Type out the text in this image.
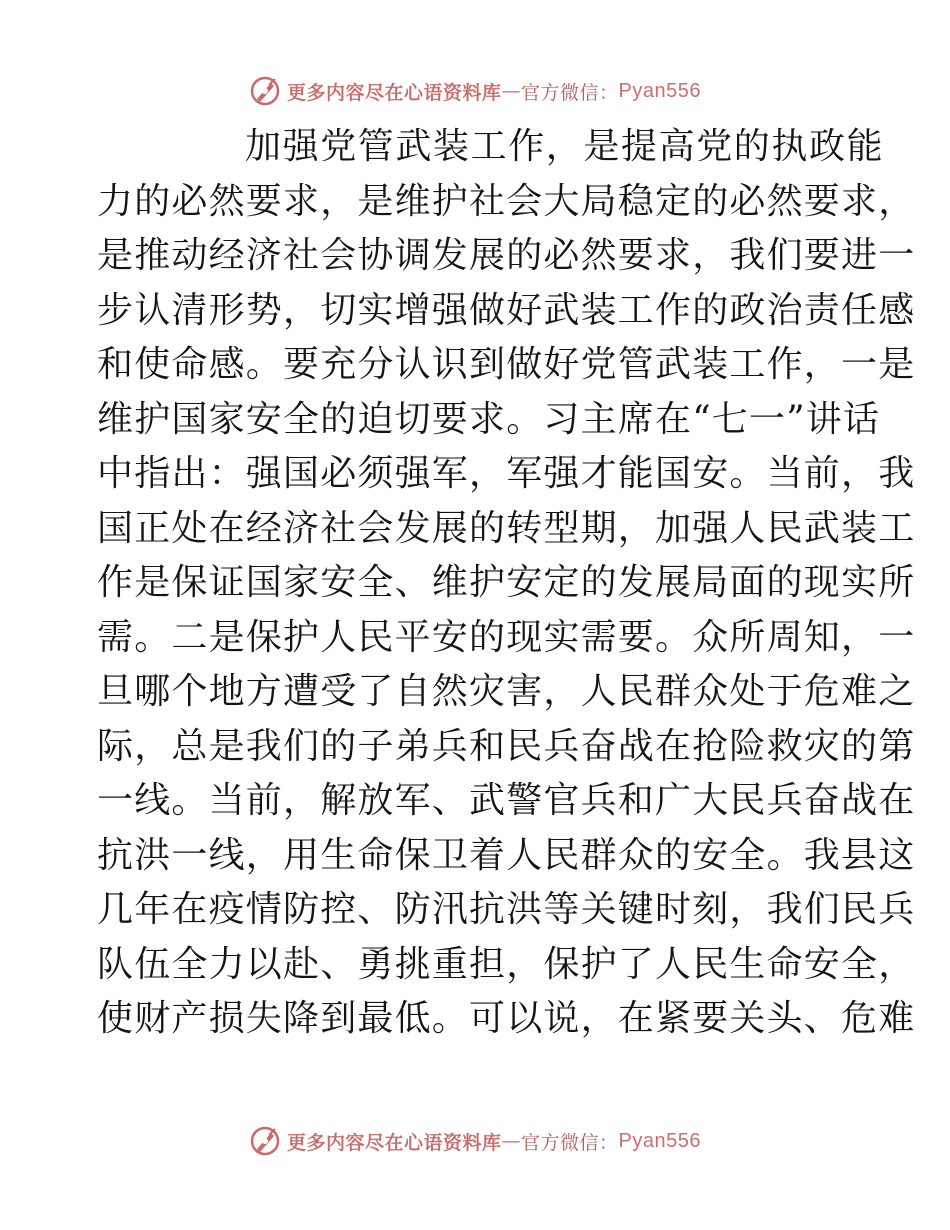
更多内容尽在心语资料库 — 官方微信： Pyan556
加强党管武装工作，是提高党的执政能
力的必然要求，是维护社会大局稳定的必然要求，
是推动经济社会协调发展的必然要求，我们要进一
步认清形势，切实增强做好武装工作的政治责任感
和使命感。要充分认识到做好党管武装工作，一是
维护国家安全的迫切要求。习主席在“七一”讲话
中指出：强国必须强军，军强才能国安。当前，我
国正处在经济社会发展的转型期，加强人民武装工
作是保证国家安全、维护安定的发展局面的现实所
需。二是保护人民平安的现实需要。众所周知，一
旦哪个地方遭受了自然灾害，人民群众处于危难之
际，总是我们的子弟兵和民兵奋战在抢险救灾的第
一线。当前，解放军、武警官兵和广大民兵奋战在
抗洪一线，用生命保卫着人民群众的安全。我县这
几年在疫情防控、防汛抗洪等关键时刻，我们民兵
队伍全力以赴、勇挑重担，保护了人民生命安全，
使财产损失降到最低。可以说，在紧要关头、危难
更多内容尽在心语资料库 — 官方微信： Pyan556
